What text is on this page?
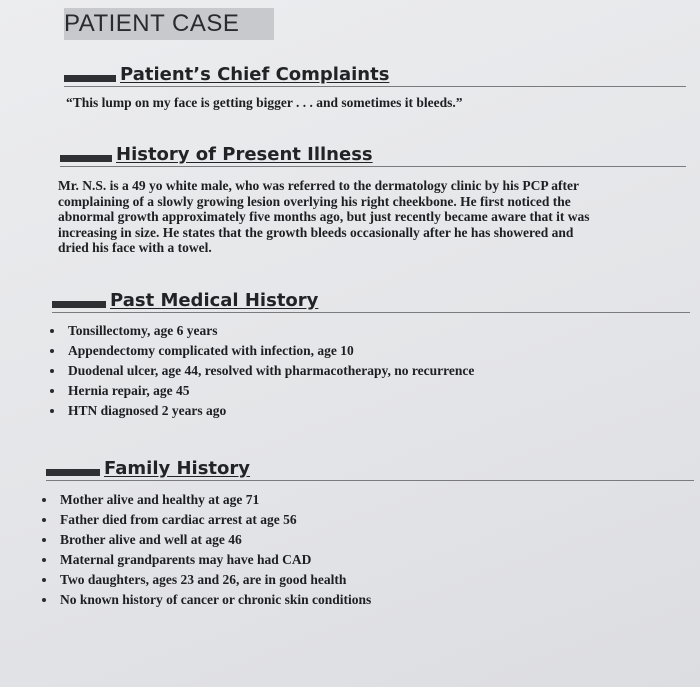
PATIENT CASE
Patient’s Chief Complaints
“This lump on my face is getting bigger . . . and sometimes it bleeds.”
History of Present Illness
Mr. N.S. is a 49 yo white male, who was referred to the dermatology clinic by his PCP after
complaining of a slowly growing lesion overlying his right cheekbone. He first noticed the
abnormal growth approximately five months ago, but just recently became aware that it was
increasing in size. He states that the growth bleeds occasionally after he has showered and
dried his face with a towel.
Past Medical History
Tonsillectomy, age 6 years
Appendectomy complicated with infection, age 10
Duodenal ulcer, age 44, resolved with pharmacotherapy, no recurrence
Hernia repair, age 45
HTN diagnosed 2 years ago
Family History
Mother alive and healthy at age 71
Father died from cardiac arrest at age 56
Brother alive and well at age 46
Maternal grandparents may have had CAD
Two daughters, ages 23 and 26, are in good health
No known history of cancer or chronic skin conditions
